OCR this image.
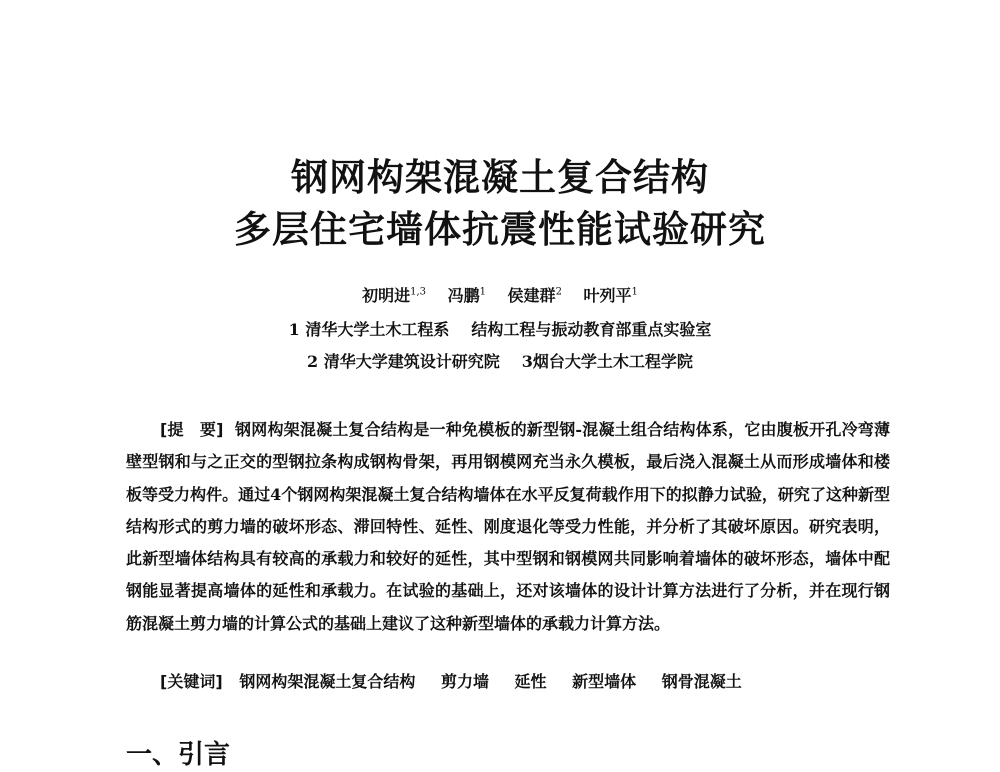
钢网构架混凝土复合结构
多层住宅墙体抗震性能试验研究
初明进$^{1,3}$ 冯鹏$^1$ 侯建群$^2$ 叶列平$^1$
1 清华大学土木工程系 结构工程与振动教育部重点实验室
2 清华大学建筑设计研究院 3烟台大学土木工程学院

[提　要] 钢网构架混凝土复合结构是一种免模板的新型钢-混凝土组合结构体系，它由腹板开孔冷弯薄壁型钢和与之正交的型钢拉条构成钢构骨架，再用钢模网充当永久模板，最后浇入混凝土从而形成墙体和楼板等受力构件。通过4个钢网构架混凝土复合结构墙体在水平反复荷载作用下的拟静力试验，研究了这种新型结构形式的剪力墙的破坏形态、滞回特性、延性、刚度退化等受力性能，并分析了其破坏原因。研究表明，此新型墙体结构具有较高的承载力和较好的延性，其中型钢和钢模网共同影响着墙体的破坏形态，墙体中配钢能显著提高墙体的延性和承载力。在试验的基础上，还对该墙体的设计计算方法进行了分析，并在现行钢筋混凝土剪力墙的计算公式的基础上建议了这种新型墙体的承载力计算方法。

[关键词] 钢网构架混凝土复合结构 剪力墙 延性 新型墙体 钢骨混凝土
一、引言
